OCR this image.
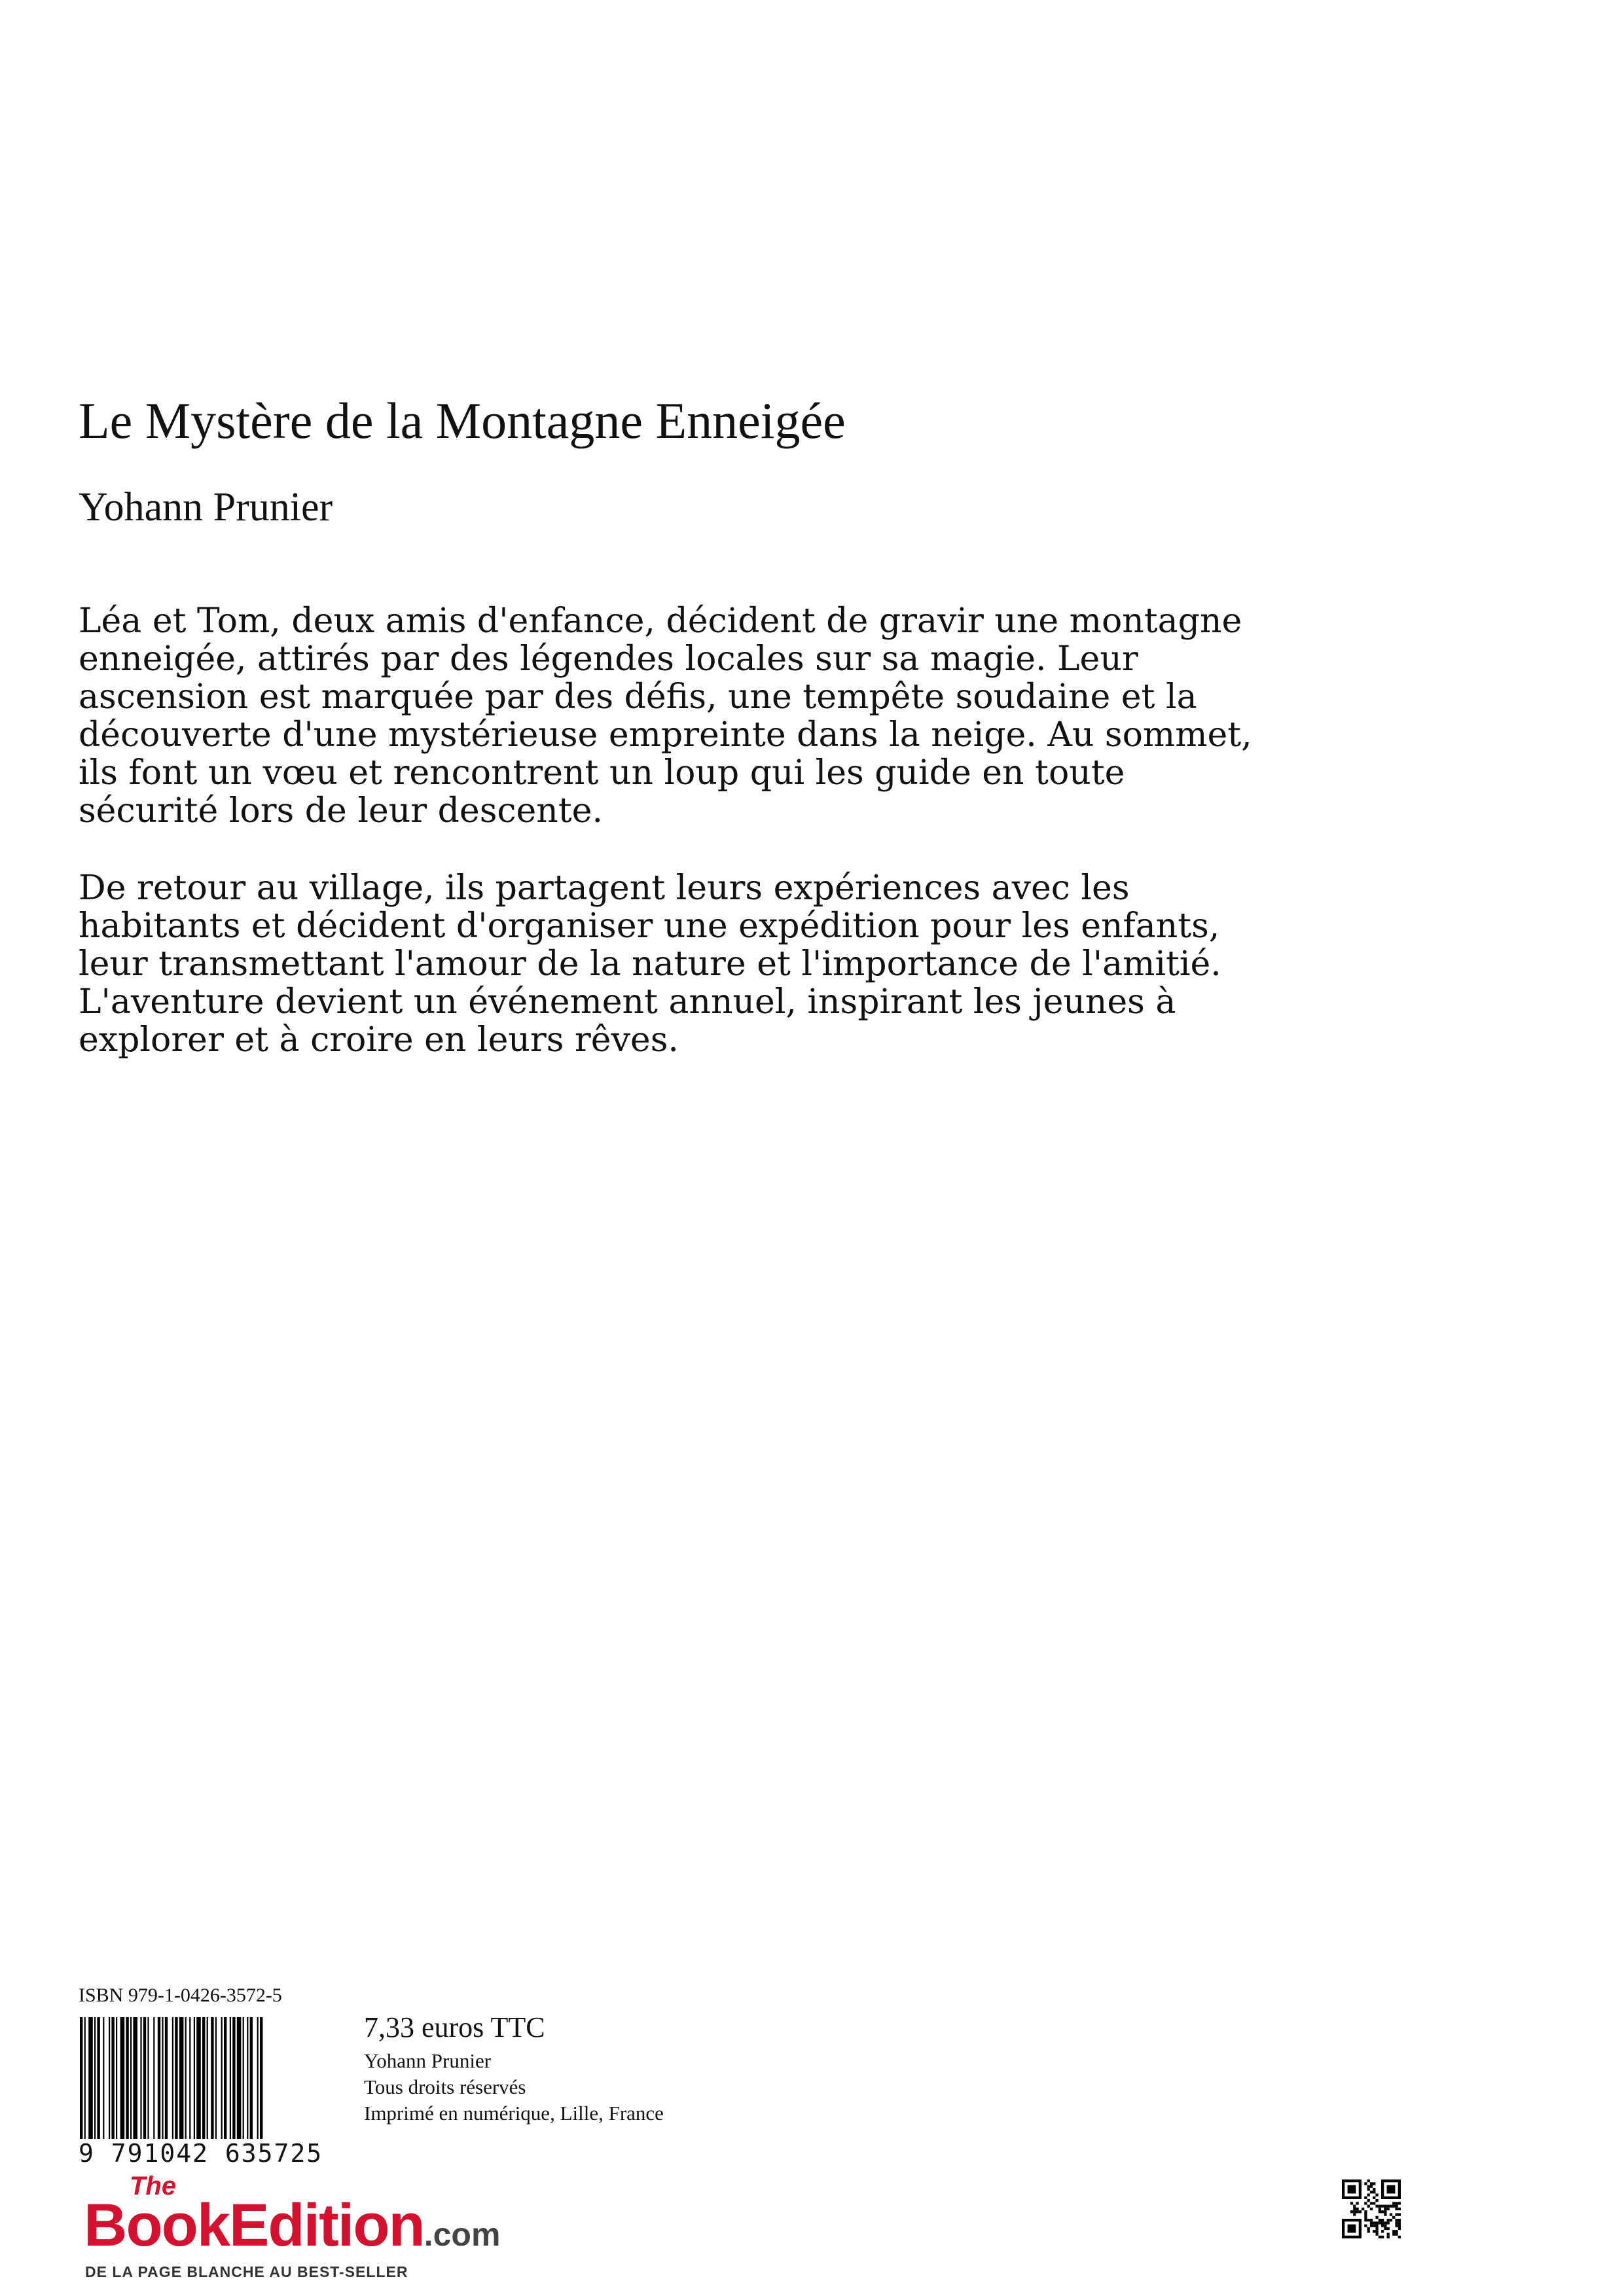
Le Mystère de la Montagne Enneigée
Yohann Prunier

Léa et Tom, deux amis d'enfance, décident de gravir une montagne enneigée, attirés par des légendes locales sur sa magie. Leur ascension est marquée par des défis, une tempête soudaine et la découverte d'une mystérieuse empreinte dans la neige. Au sommet, ils font un vœu et rencontrent un loup qui les guide en toute sécurité lors de leur descente.

De retour au village, ils partagent leurs expériences avec les habitants et décident d'organiser une expédition pour les enfants, leur transmettant l'amour de la nature et l'importance de l'amitié. L'aventure devient un événement annuel, inspirant les jeunes à explorer et à croire en leurs rêves.

ISBN 979-1-0426-3572-5
9 791042 635725
7,33 euros TTC
Yohann Prunier
Tous droits réservés
Imprimé en numérique, Lille, France
The
BookEdition.com
DE LA PAGE BLANCHE AU BEST-SELLER
